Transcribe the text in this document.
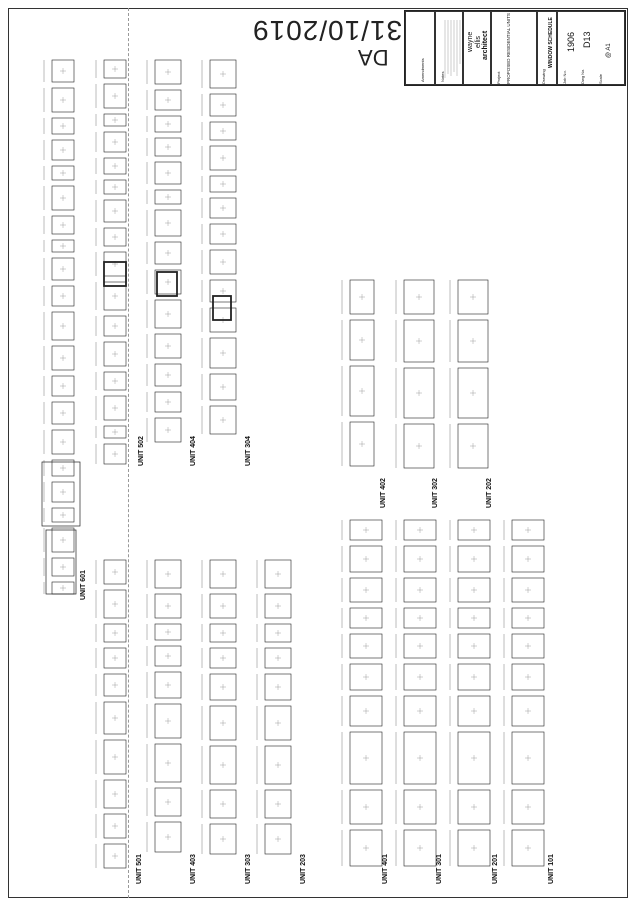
31/10/2019
DA
Amendments	Notes
wayne ellis architect
Project PROPOSED RESIDENTIAL UNITS	Drawing
WINDOW SCHEDULE
Job No.
1906
Dwg No.
D13
Scale
@ A1
UNIT 601
UNIT 502	UNIT 404	UNIT 304
UNIT 402	UNIT 302	UNIT 202
UNIT 501	UNIT 403	UNIT 303	UNIT 203	UNIT 401	UNIT 301	UNIT 201	UNIT 101
